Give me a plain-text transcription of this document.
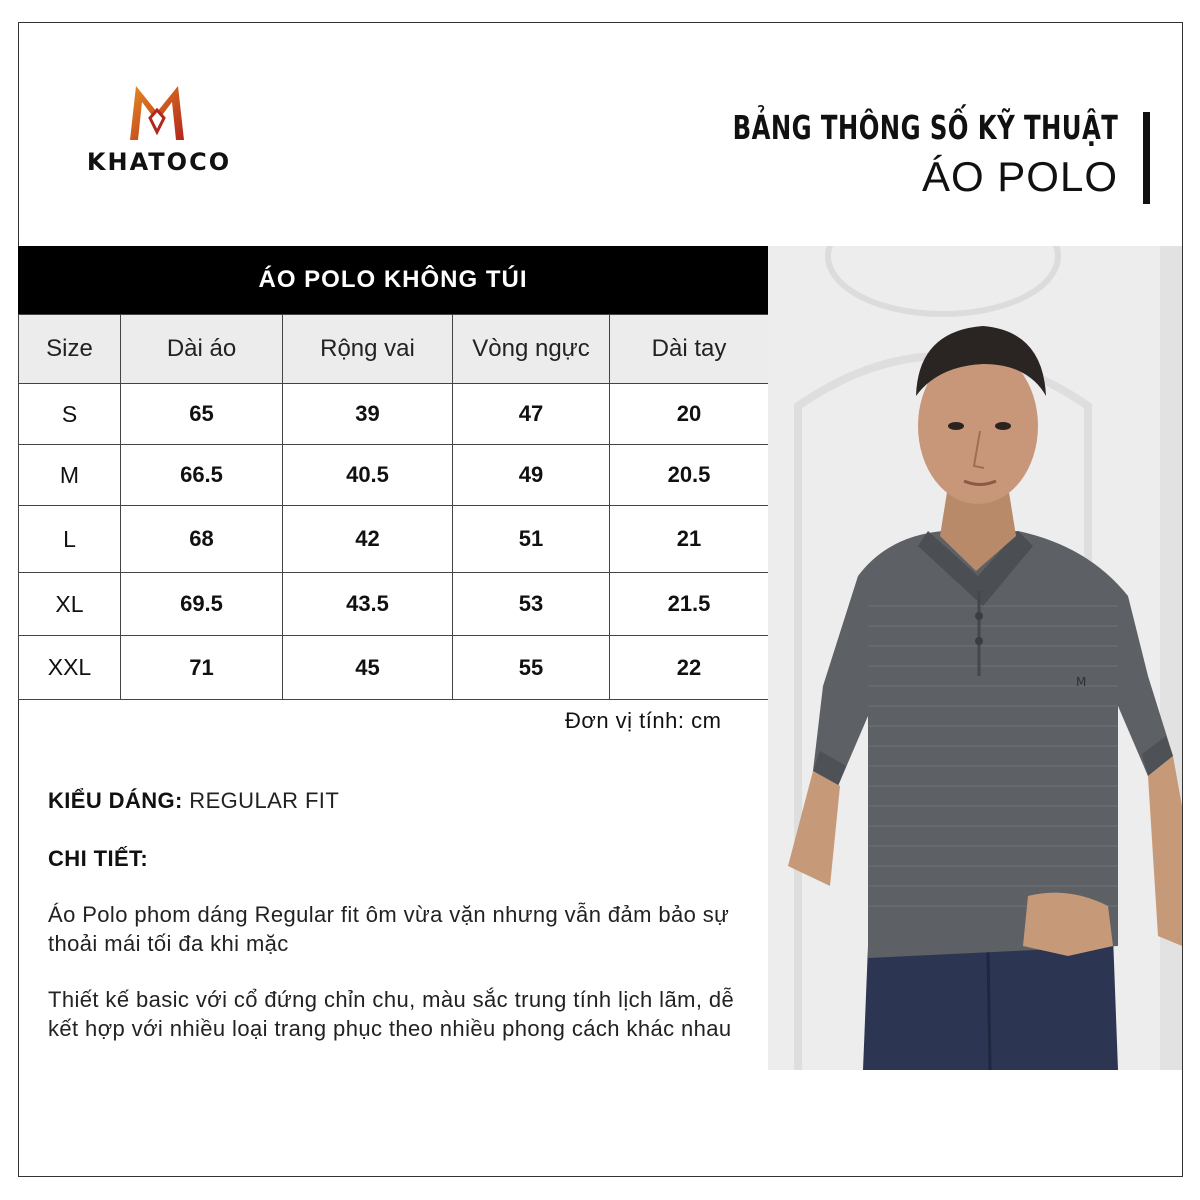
KHATOCO
BẢNG THÔNG SỐ KỸ THUẬT
ÁO POLO
ÁO POLO KHÔNG TÚI
Size	Dài áo	Rộng vai	Vòng ngực	Dài tay
S	65	39	47	20
M	66.5	40.5	49	20.5
L	68	42	51	21
XL	69.5	43.5	53	21.5
XXL	71	45	55	22
Đơn vị tính: cm
KIỂU DÁNG: REGULAR FIT
CHI TIẾT:
Áo Polo phom dáng Regular fit ôm vừa vặn nhưng vẫn đảm bảo sự thoải mái tối đa khi mặc
Thiết kế basic với cổ đứng chỉn chu, màu sắc trung tính lịch lãm, dễ kết hợp với nhiều loại trang phục theo nhiều phong cách khác nhau
M
